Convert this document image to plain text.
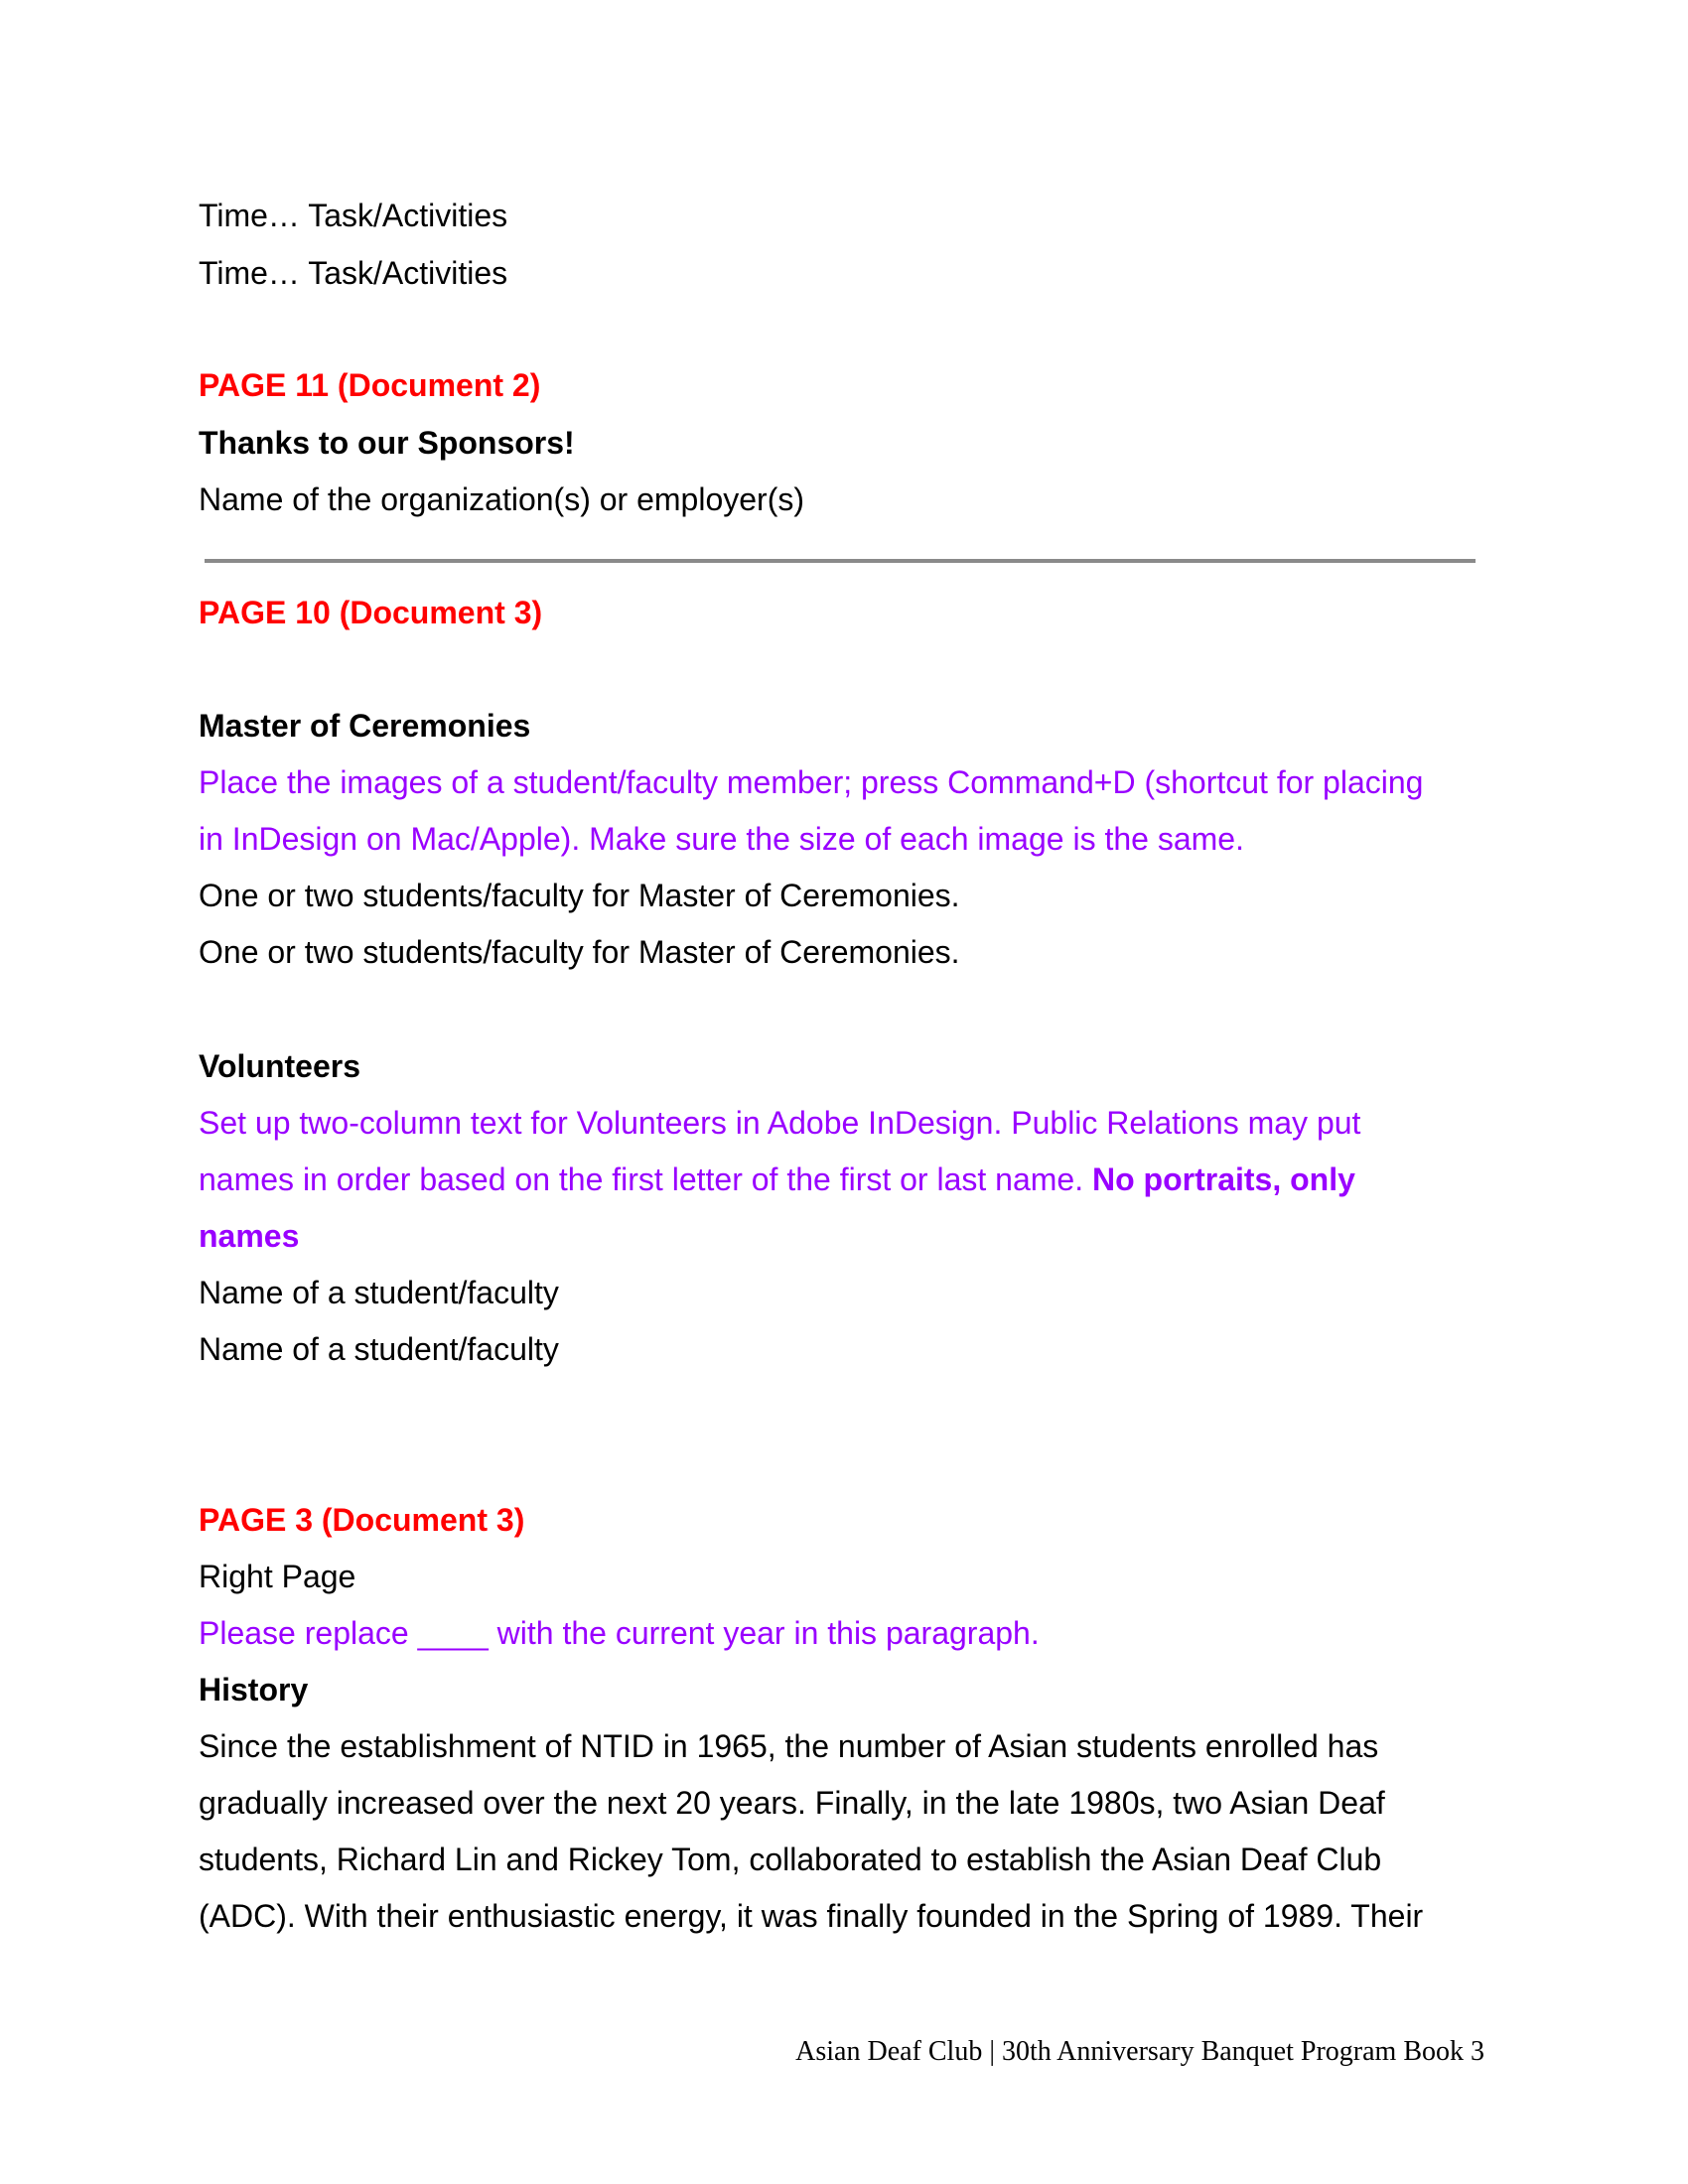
Time… Task/Activities

Time… Task/Activities

PAGE 11 (Document 2)

Thanks to our Sponsors!

Name of the organization(s) or employer(s)

PAGE 10 (Document 3)

Master of Ceremonies

Place the images of a student/faculty member; press Command+D (shortcut for placing

in InDesign on Mac/Apple). Make sure the size of each image is the same.

One or two students/faculty for Master of Ceremonies.

One or two students/faculty for Master of Ceremonies.

Volunteers

Set up two-column text for Volunteers in Adobe InDesign. Public Relations may put

names in order based on the first letter of the first or last name. No portraits, only

names

Name of a student/faculty

Name of a student/faculty

PAGE 3 (Document 3)

Right Page

Please replace ____ with the current year in this paragraph.

History

Since the establishment of NTID in 1965, the number of Asian students enrolled has

gradually increased over the next 20 years. Finally, in the late 1980s, two Asian Deaf

students, Richard Lin and Rickey Tom, collaborated to establish the Asian Deaf Club

(ADC). With their enthusiastic energy, it was finally founded in the Spring of 1989. Their

Asian Deaf Club | 30th Anniversary Banquet Program Book 3
